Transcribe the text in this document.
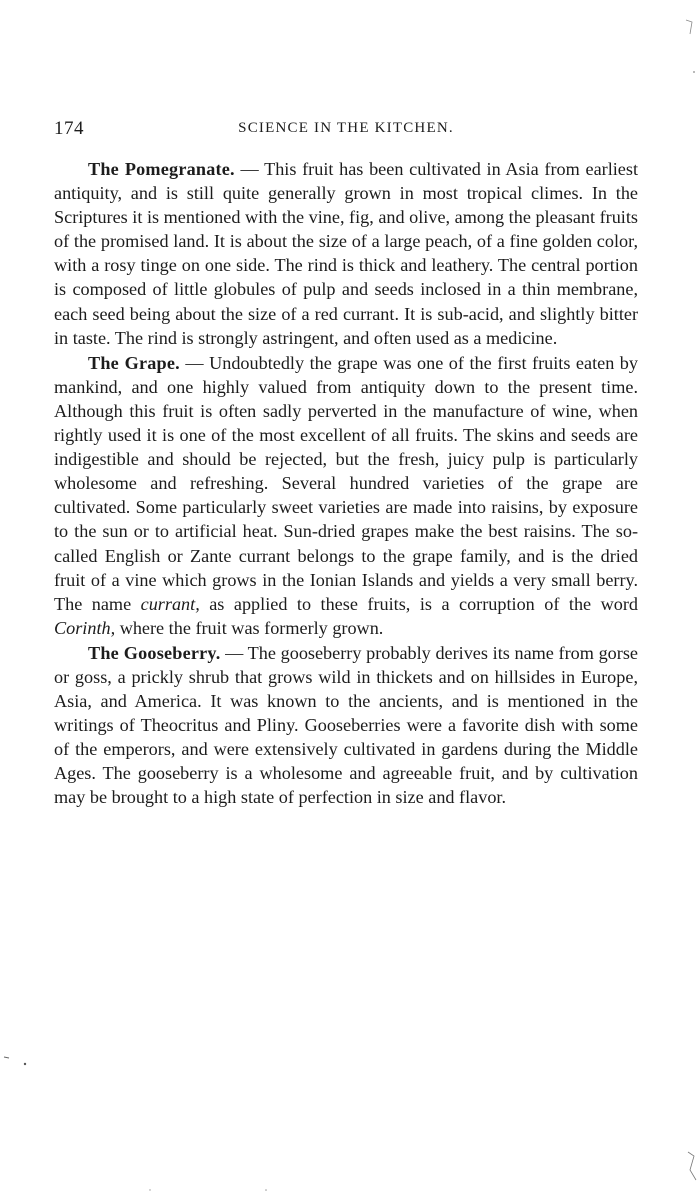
174	SCIENCE IN THE KITCHEN.

The Pomegranate. — This fruit has been cultivated in Asia from earliest antiquity, and is still quite generally grown in most tropical climes. In the Scriptures it is mentioned with the vine, fig, and olive, among the pleasant fruits of the promised land. It is about the size of a large peach, of a fine golden color, with a rosy tinge on one side. The rind is thick and leathery. The central portion is composed of little globules of pulp and seeds inclosed in a thin membrane, each seed being about the size of a red currant. It is sub-acid, and slightly bitter in taste. The rind is strongly astringent, and often used as a medicine.

The Grape. — Undoubtedly the grape was one of the first fruits eaten by mankind, and one highly valued from antiquity down to the present time. Although this fruit is often sadly perverted in the manufacture of wine, when rightly used it is one of the most excellent of all fruits. The skins and seeds are indigestible and should be rejected, but the fresh, juicy pulp is particularly wholesome and refreshing. Several hundred varieties of the grape are cultivated. Some particularly sweet varieties are made into raisins, by exposure to the sun or to artificial heat. Sun-dried grapes make the best raisins. The so-called English or Zante currant belongs to the grape family, and is the dried fruit of a vine which grows in the Ionian Islands and yields a very small berry. The name currant, as applied to these fruits, is a corruption of the word Corinth, where the fruit was formerly grown.

The Gooseberry. — The gooseberry probably derives its name from gorse or goss, a prickly shrub that grows wild in thickets and on hillsides in Europe, Asia, and America. It was known to the ancients, and is mentioned in the writings of Theocritus and Pliny. Gooseberries were a favorite dish with some of the emperors, and were extensively cultivated in gardens during the Middle Ages. The gooseberry is a wholesome and agreeable fruit, and by cultivation may be brought to a high state of perfection in size and flavor.
